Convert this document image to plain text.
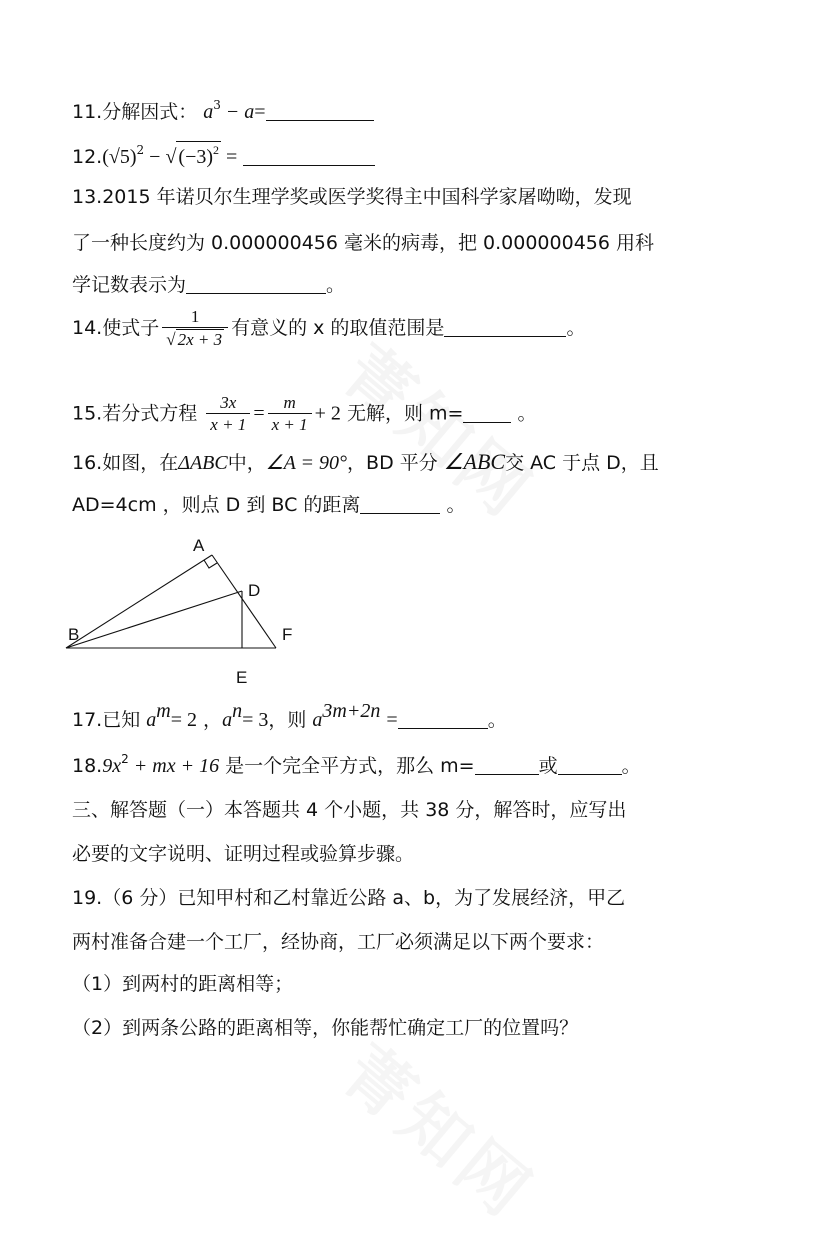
11.分解因式： $a^3 - a=$
$12.(√5)^2$ − √ $(-3)^2$ =
13.2015 年诺贝尔生理学奖或医学奖得主中国科学家屠呦呦，发现
了一种长度约为 0.000000456 毫米的病毒，把 0.000000456 用科
学记数表示为	。
14.使式子 $\frac{1}{√ 2x + 3}$ 有意义的 x 的取值范围是	。
15.若分式方程 $\frac{3x}{x + 1} = \frac{m}{x + 1} + 2$ 无解，则 m=	。
16.如图，在ΔABC中，∠A = 90°，BD 平分 ∠ABC交 AC 于点 D，且
AD=4cm ，则点 D 到 BC 的距离	。
A
D
B	F
E
17.已知 $a^m= 2$ ，$a^n= 3$，则 $a^{3m+2n}$ =	。
$18.9x^2$ + mx + 16 是一个完全平方式，那么 m=	或	。
三、解答题（一）本答题共 4 个小题，共 38 分，解答时，应写出
必要的文字说明、证明过程或验算步骤。
19.（6 分）已知甲村和乙村靠近公路 a、b，为了发展经济，甲乙
两村准备合建一个工厂，经协商，工厂必须满足以下两个要求：
（1）到两村的距离相等；
（2）到两条公路的距离相等，你能帮忙确定工厂的位置吗？
